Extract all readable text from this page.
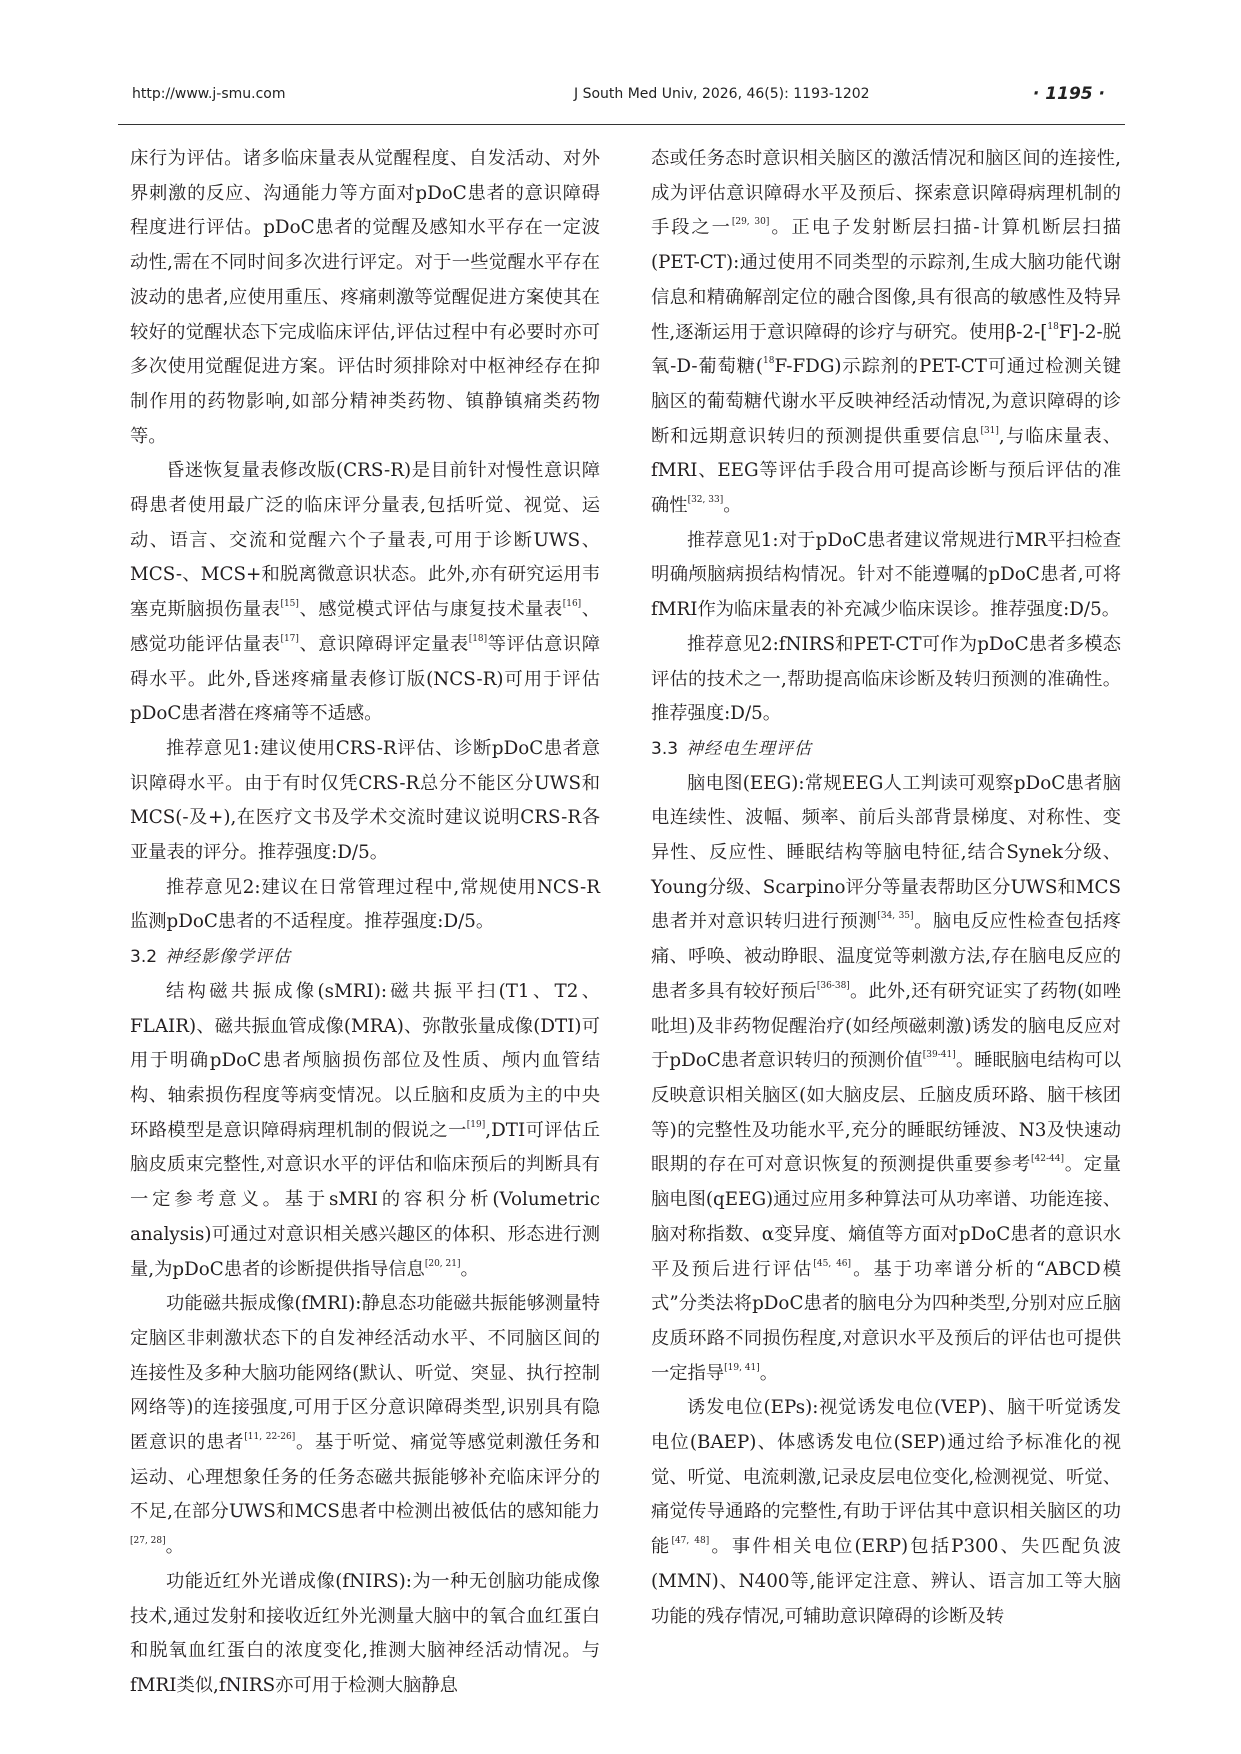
http://www.j-smu.com	J South Med Univ, 2026, 46(5): 1193-1202	· 1195 ·

床行为评估。诸多临床量表从觉醒程度、自发活动、对外界刺激的反应、沟通能力等方面对pDoC患者的意识障碍程度进行评估。pDoC患者的觉醒及感知水平存在一定波动性,需在不同时间多次进行评定。对于一些觉醒水平存在波动的患者,应使用重压、疼痛刺激等觉醒促进方案使其在较好的觉醒状态下完成临床评估,评估过程中有必要时亦可多次使用觉醒促进方案。评估时须排除对中枢神经存在抑制作用的药物影响,如部分精神类药物、镇静镇痛类药物等。

昏迷恢复量表修改版(CRS-R)是目前针对慢性意识障碍患者使用最广泛的临床评分量表,包括听觉、视觉、运动、语言、交流和觉醒六个子量表,可用于诊断UWS、MCS-、MCS+和脱离微意识状态。此外,亦有研究运用韦塞克斯脑损伤量表[15]、感觉模式评估与康复技术量表[16]、感觉功能评估量表[17]、意识障碍评定量表[18]等评估意识障碍水平。此外,昏迷疼痛量表修订版(NCS-R)可用于评估pDoC患者潜在疼痛等不适感。

推荐意见1:建议使用CRS-R评估、诊断pDoC患者意识障碍水平。由于有时仅凭CRS-R总分不能区分UWS和MCS(-及+),在医疗文书及学术交流时建议说明CRS-R各亚量表的评分。推荐强度:D/5。

推荐意见2:建议在日常管理过程中,常规使用NCS-R监测pDoC患者的不适程度。推荐强度:D/5。

3.2 神经影像学评估

结构磁共振成像(sMRI):磁共振平扫(T1、T2、FLAIR)、磁共振血管成像(MRA)、弥散张量成像(DTI)可用于明确pDoC患者颅脑损伤部位及性质、颅内血管结构、轴索损伤程度等病变情况。以丘脑和皮质为主的中央环路模型是意识障碍病理机制的假说之一[19],DTI可评估丘脑皮质束完整性,对意识水平的评估和临床预后的判断具有一定参考意义。基于sMRI的容积分析(Volumetric analysis)可通过对意识相关感兴趣区的体积、形态进行测量,为pDoC患者的诊断提供指导信息[20, 21]。

功能磁共振成像(fMRI):静息态功能磁共振能够测量特定脑区非刺激状态下的自发神经活动水平、不同脑区间的连接性及多种大脑功能网络(默认、听觉、突显、执行控制网络等)的连接强度,可用于区分意识障碍类型,识别具有隐匿意识的患者[11, 22-26]。基于听觉、痛觉等感觉刺激任务和运动、心理想象任务的任务态磁共振能够补充临床评分的不足,在部分UWS和MCS患者中检测出被低估的感知能力[27, 28]。

功能近红外光谱成像(fNIRS):为一种无创脑功能成像技术,通过发射和接收近红外光测量大脑中的氧合血红蛋白和脱氧血红蛋白的浓度变化,推测大脑神经活动情况。与fMRI类似,fNIRS亦可用于检测大脑静息

态或任务态时意识相关脑区的激活情况和脑区间的连接性,成为评估意识障碍水平及预后、探索意识障碍病理机制的手段之一[29, 30]。正电子发射断层扫描-计算机断层扫描(PET-CT):通过使用不同类型的示踪剂,生成大脑功能代谢信息和精确解剖定位的融合图像,具有很高的敏感性及特异性,逐渐运用于意识障碍的诊疗与研究。使用β-2-[$^{18}$F]-2-脱氧-D-葡萄糖($^{18}$F-FDG)示踪剂的PET-CT可通过检测关键脑区的葡萄糖代谢水平反映神经活动情况,为意识障碍的诊断和远期意识转归的预测提供重要信息[31],与临床量表、fMRI、EEG等评估手段合用可提高诊断与预后评估的准确性[32, 33]。

推荐意见1:对于pDoC患者建议常规进行MR平扫检查明确颅脑病损结构情况。针对不能遵嘱的pDoC患者,可将fMRI作为临床量表的补充减少临床误诊。推荐强度:D/5。

推荐意见2:fNIRS和PET-CT可作为pDoC患者多模态评估的技术之一,帮助提高临床诊断及转归预测的准确性。推荐强度:D/5。

3.3 神经电生理评估

脑电图(EEG):常规EEG人工判读可观察pDoC患者脑电连续性、波幅、频率、前后头部背景梯度、对称性、变异性、反应性、睡眠结构等脑电特征,结合Synek分级、Young分级、Scarpino评分等量表帮助区分UWS和MCS患者并对意识转归进行预测[34, 35]。脑电反应性检查包括疼痛、呼唤、被动睁眼、温度觉等刺激方法,存在脑电反应的患者多具有较好预后[36-38]。此外,还有研究证实了药物(如唑吡坦)及非药物促醒治疗(如经颅磁刺激)诱发的脑电反应对于pDoC患者意识转归的预测价值[39-41]。睡眠脑电结构可以反映意识相关脑区(如大脑皮层、丘脑皮质环路、脑干核团等)的完整性及功能水平,充分的睡眠纺锤波、N3及快速动眼期的存在可对意识恢复的预测提供重要参考[42-44]。定量脑电图(qEEG)通过应用多种算法可从功率谱、功能连接、脑对称指数、α变异度、熵值等方面对pDoC患者的意识水平及预后进行评估[45, 46]。基于功率谱分析的“ABCD模式”分类法将pDoC患者的脑电分为四种类型,分别对应丘脑皮质环路不同损伤程度,对意识水平及预后的评估也可提供一定指导[19, 41]。

诱发电位(EPs):视觉诱发电位(VEP)、脑干听觉诱发电位(BAEP)、体感诱发电位(SEP)通过给予标准化的视觉、听觉、电流刺激,记录皮层电位变化,检测视觉、听觉、痛觉传导通路的完整性,有助于评估其中意识相关脑区的功能[47, 48]。事件相关电位(ERP)包括P300、失匹配负波(MMN)、N400等,能评定注意、辨认、语言加工等大脑功能的残存情况,可辅助意识障碍的诊断及转
